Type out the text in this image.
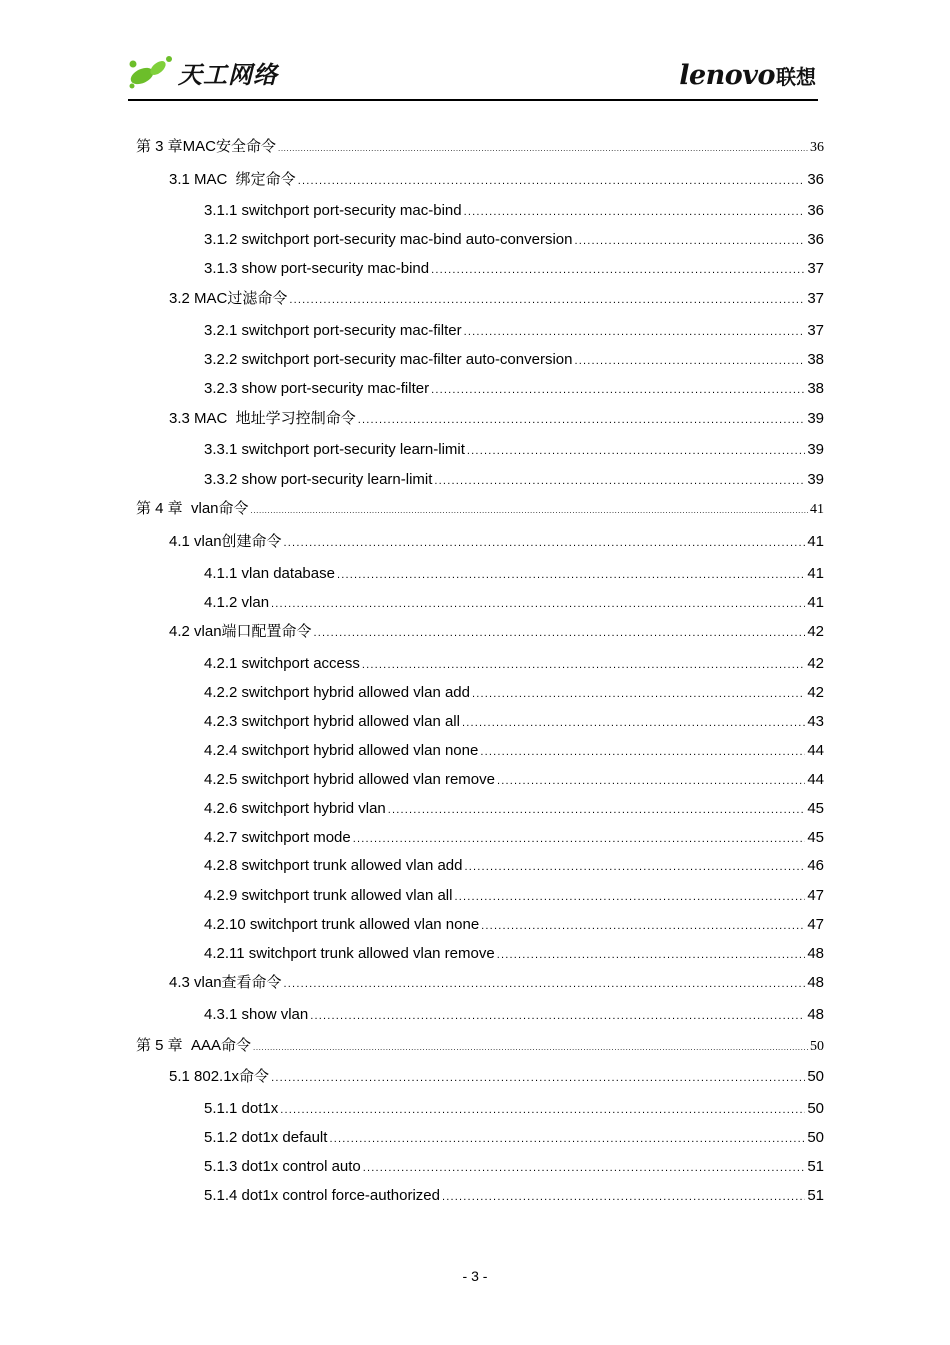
天工网络	lenovo 联想
第 3 章MAC安全命令 .....	36
3.1 MAC  绑定命令 .....	36
3.1.1 switchport port-security mac-bind .....	36
3.1.2 switchport port-security mac-bind auto-conversion .....	36
3.1.3 show port-security mac-bind .....	37
3.2 MAC过滤命令 .....	37
3.2.1 switchport port-security mac-filter .....	37
3.2.2 switchport port-security mac-filter auto-conversion .....	38
3.2.3 show port-security mac-filter .....	38
3.3 MAC  地址学习控制命令 .....	39
3.3.1 switchport port-security learn-limit .....	39
3.3.2 show port-security learn-limit .....	39
第 4 章  vlan命令 .....	41
4.1 vlan创建命令 .....	41
4.1.1 vlan database .....	41
4.1.2 vlan .....	41
4.2 vlan端口配置命令 .....	42
4.2.1 switchport access .....	42
4.2.2 switchport hybrid allowed vlan add .....	42
4.2.3 switchport hybrid allowed vlan all .....	43
4.2.4 switchport hybrid allowed vlan none .....	44
4.2.5 switchport hybrid allowed vlan remove .....	44
4.2.6 switchport hybrid vlan .....	45
4.2.7 switchport mode .....	45
4.2.8 switchport trunk allowed vlan add .....	46
4.2.9 switchport trunk allowed vlan all .....	47
4.2.10 switchport trunk allowed vlan none .....	47
4.2.11 switchport trunk allowed vlan remove .....	48
4.3 vlan查看命令 .....	48
4.3.1 show vlan .....	48
第 5 章  AAA命令 .....	50
5.1 802.1x命令 .....	50
5.1.1 dot1x .....	50
5.1.2 dot1x default .....	50
5.1.3 dot1x control auto .....	51
5.1.4 dot1x control force-authorized .....	51
- 3 -
